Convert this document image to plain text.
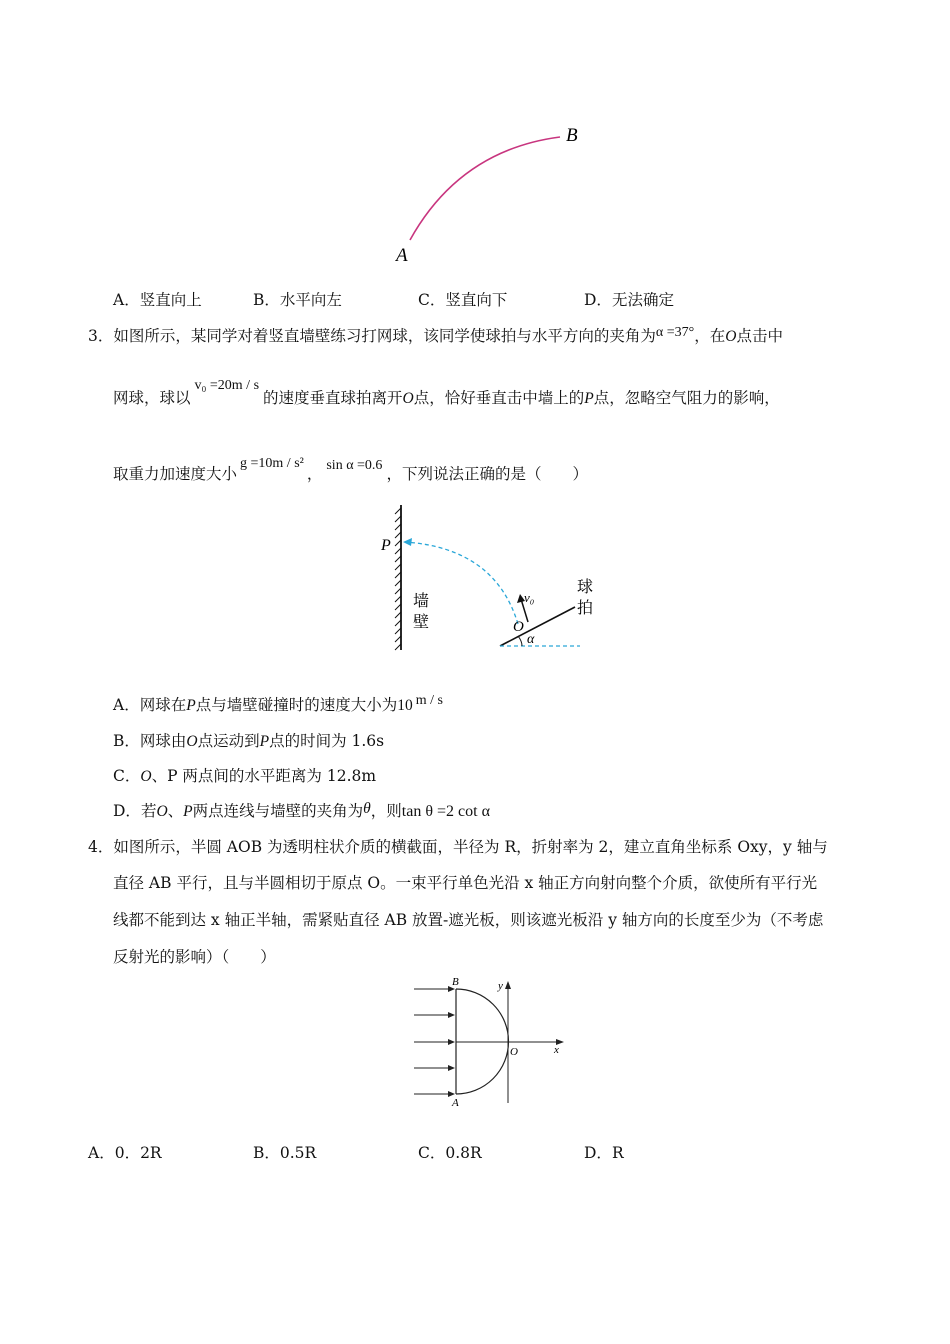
B
A
A．竖直向上	B．水平向左	C．竖直向下	D．无法确定
3．如图所示，某同学对着竖直墙壁练习打网球，该同学使球拍与水平方向的夹角为α =37°，在O点击中
网球，球以v₀ =20m / s的速度垂直球拍离开O点，恰好垂直击中墙上的P点，忽略空气阻力的影响，
取重力加速度大小g =10m / s²， sin α =0.6 ，下列说法正确的是（　　）
P
墙
壁
v₀
O
α
球
拍
A．网球在P点与墙壁碰撞时的速度大小为10 m / s
B．网球由O点运动到P点的时间为 1.6s
C．O、P 两点间的水平距离为 12.8m
D．若O、P两点连线与墙壁的夹角为θ，则tan θ =2 cot α
4．如图所示，半圆 AOB 为透明柱状介质的横截面，半径为 R，折射率为 2，建立直角坐标系 Oxy，y 轴与
直径 AB 平行，且与半圆相切于原点 O。一束平行单色光沿 x 轴正方向射向整个介质，欲使所有平行光
线都不能到达 x 轴正半轴，需紧贴直径 AB 放置-遮光板，则该遮光板沿 y 轴方向的长度至少为（不考虑
反射光的影响）（　　）
B
A
O	x
y
A．0．2R	B．0.5R	C．0.8R	D．R
